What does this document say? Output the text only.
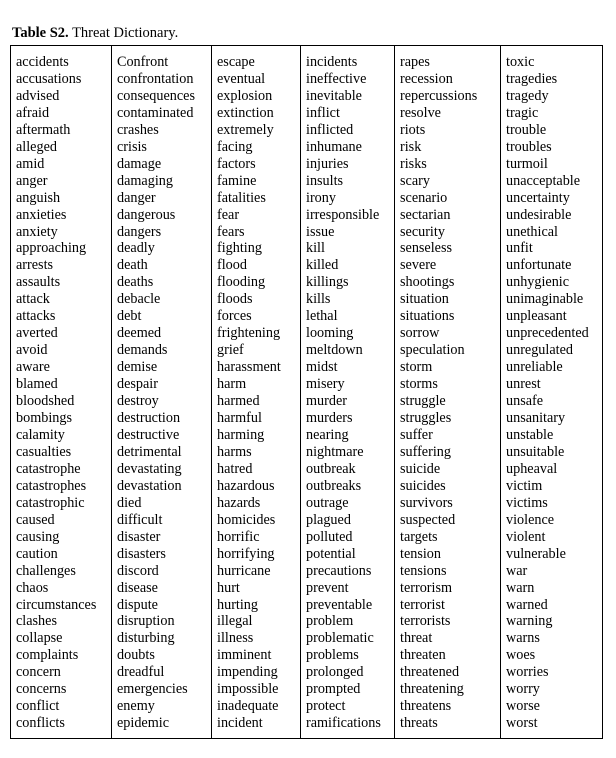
Table S2. Threat Dictionary.
accidents
accusations
advised
afraid
aftermath
alleged
amid
anger
anguish
anxieties
anxiety
approaching
arrests
assaults
attack
attacks
averted
avoid
aware
blamed
bloodshed
bombings
calamity
casualties
catastrophe
catastrophes
catastrophic
caused
causing
caution
challenges
chaos
circumstances
clashes
collapse
complaints
concern
concerns
conflict
conflicts
Confront
confrontation
consequences
contaminated
crashes
crisis
damage
damaging
danger
dangerous
dangers
deadly
death
deaths
debacle
debt
deemed
demands
demise
despair
destroy
destruction
destructive
detrimental
devastating
devastation
died
difficult
disaster
disasters
discord
disease
dispute
disruption
disturbing
doubts
dreadful
emergencies
enemy
epidemic
escape
eventual
explosion
extinction
extremely
facing
factors
famine
fatalities
fear
fears
fighting
flood
flooding
floods
forces
frightening
grief
harassment
harm
harmed
harmful
harming
harms
hatred
hazardous
hazards
homicides
horrific
horrifying
hurricane
hurt
hurting
illegal
illness
imminent
impending
impossible
inadequate
incident
incidents
ineffective
inevitable
inflict
inflicted
inhumane
injuries
insults
irony
irresponsible
issue
kill
killed
killings
kills
lethal
looming
meltdown
midst
misery
murder
murders
nearing
nightmare
outbreak
outbreaks
outrage
plagued
polluted
potential
precautions
prevent
preventable
problem
problematic
problems
prolonged
prompted
protect
ramifications
rapes
recession
repercussions
resolve
riots
risk
risks
scary
scenario
sectarian
security
senseless
severe
shootings
situation
situations
sorrow
speculation
storm
storms
struggle
struggles
suffer
suffering
suicide
suicides
survivors
suspected
targets
tension
tensions
terrorism
terrorist
terrorists
threat
threaten
threatened
threatening
threatens
threats
toxic
tragedies
tragedy
tragic
trouble
troubles
turmoil
unacceptable
uncertainty
undesirable
unethical
unfit
unfortunate
unhygienic
unimaginable
unpleasant
unprecedented
unregulated
unreliable
unrest
unsafe
unsanitary
unstable
unsuitable
upheaval
victim
victims
violence
violent
vulnerable
war
warn
warned
warning
warns
woes
worries
worry
worse
worst
